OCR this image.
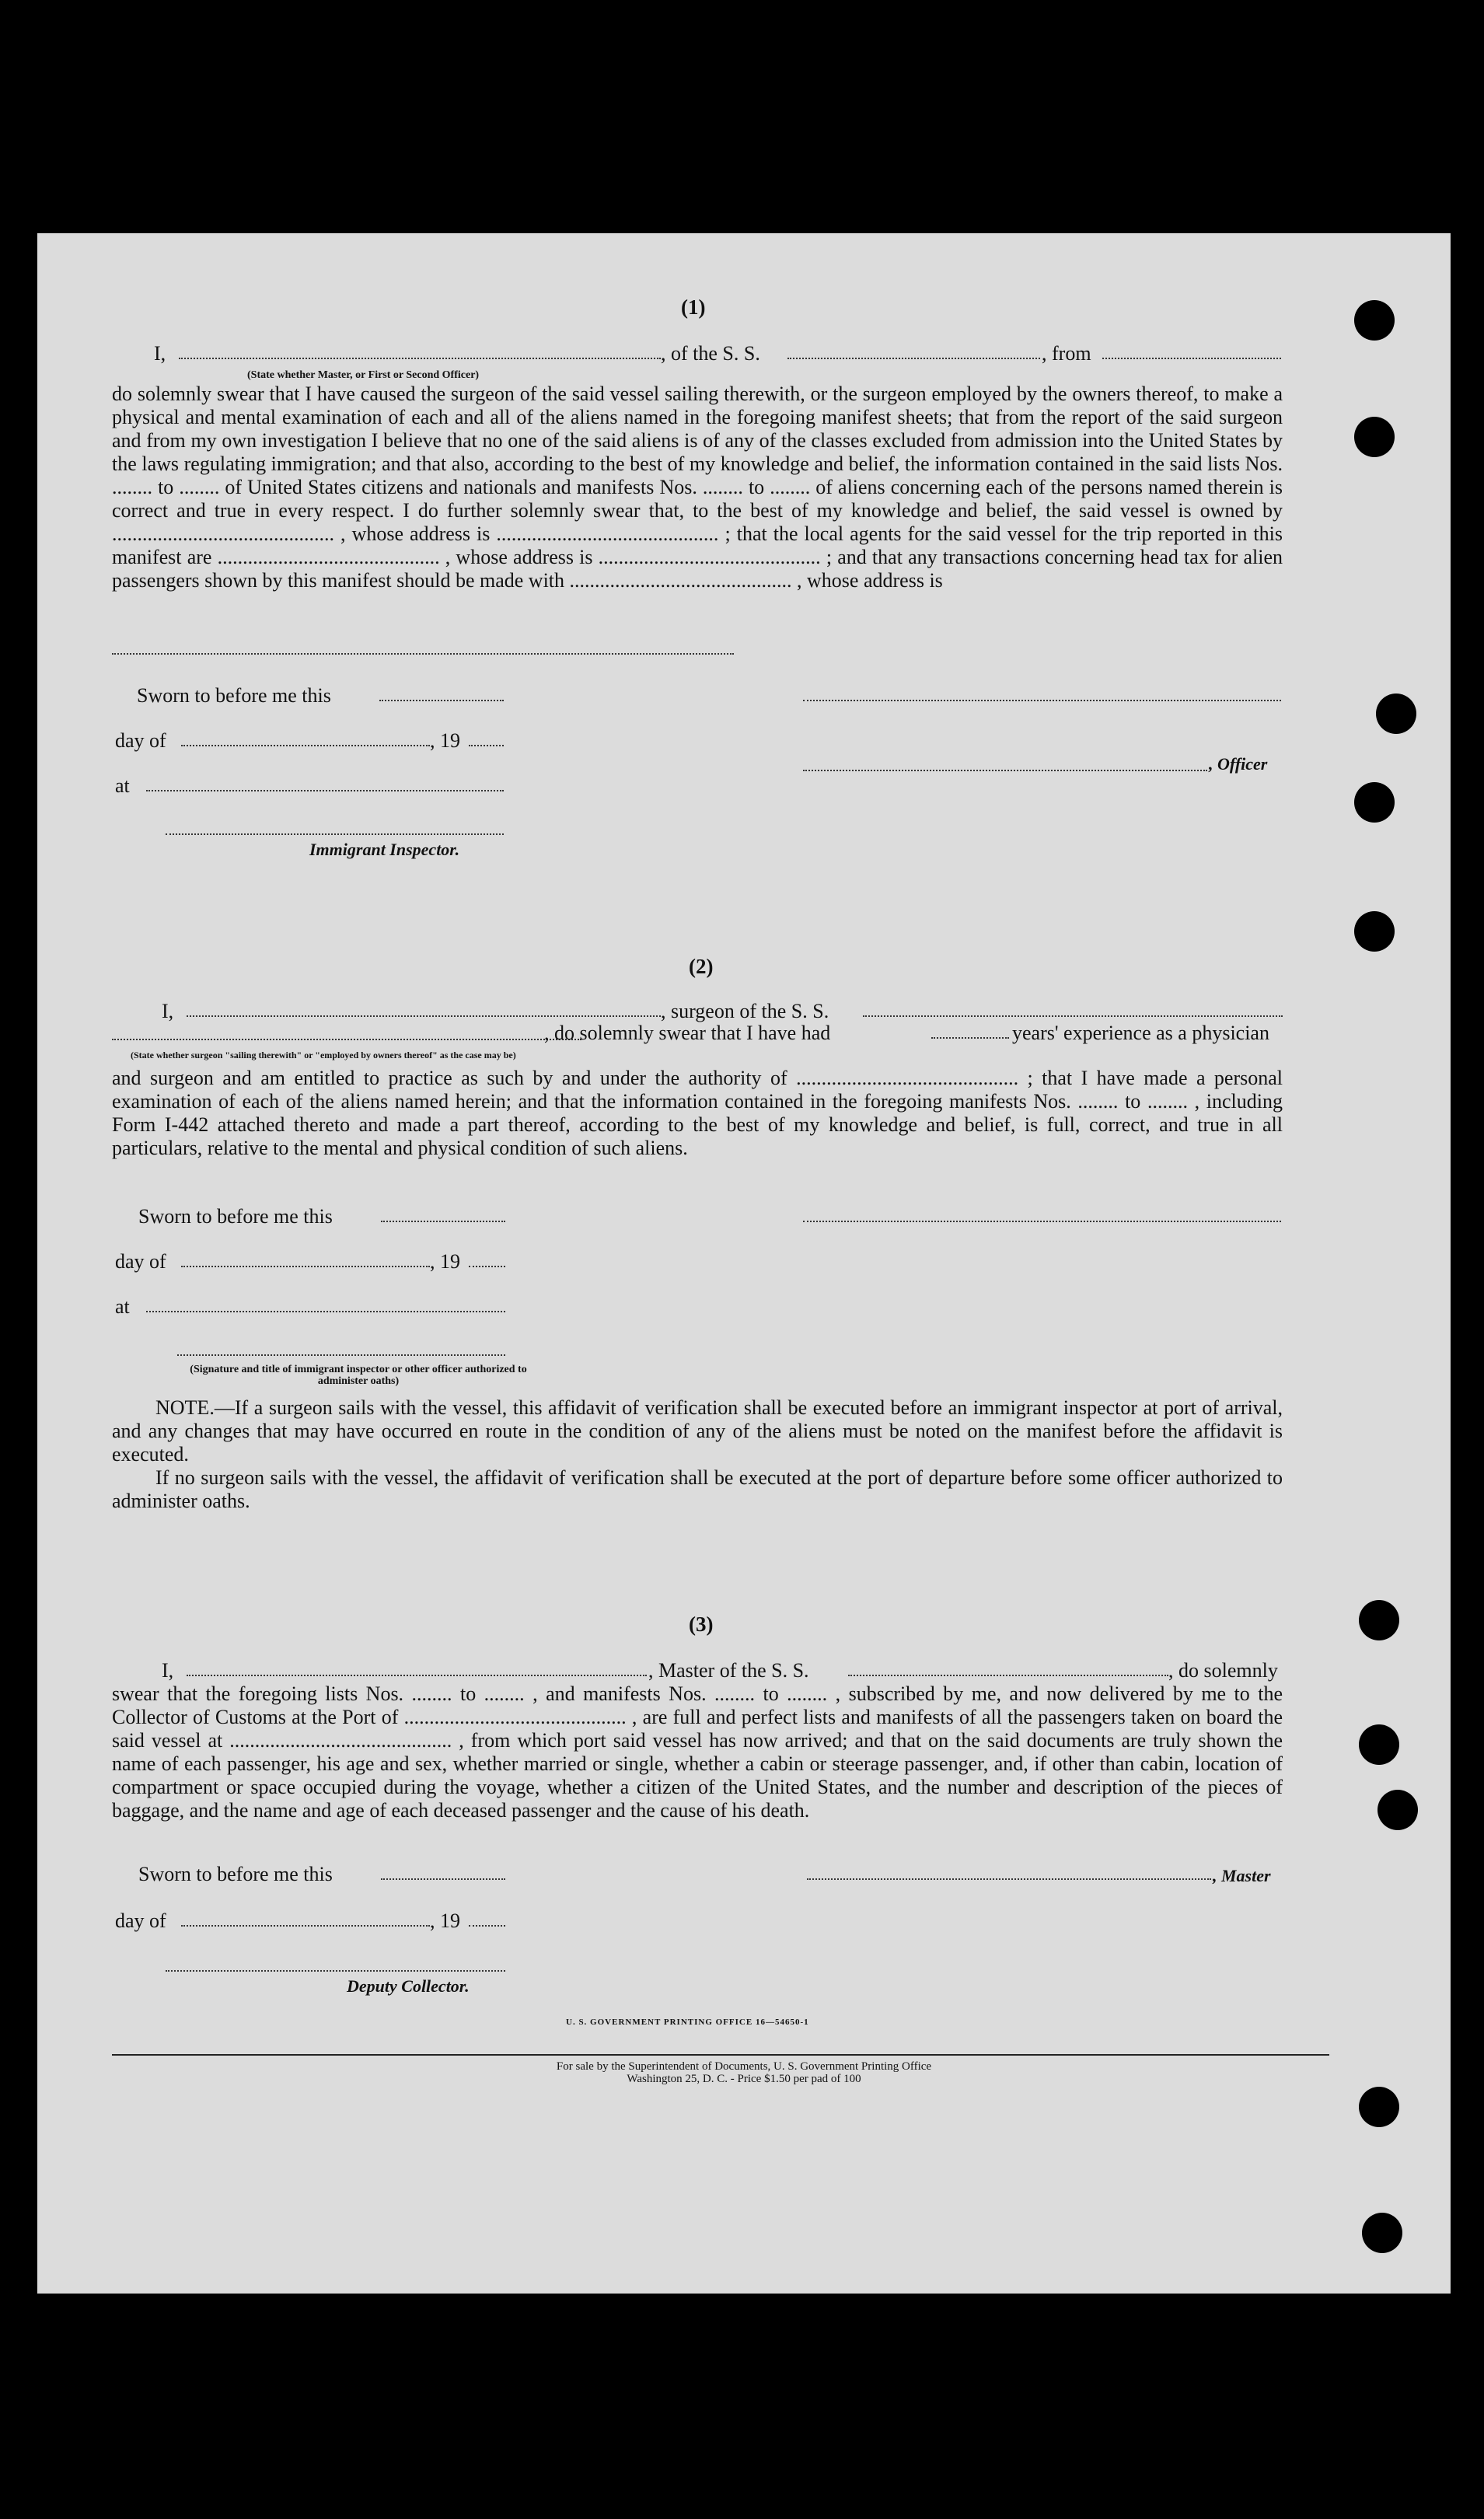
(1)
I,	, of the S. S.	, from
(State whether Master, or First or Second Officer)
do solemnly swear that I have caused the surgeon of the said vessel sailing therewith, or the surgeon employed by the owners thereof, to make a physical and mental examination of each and all of the aliens named in the foregoing manifest sheets; that from the report of the said surgeon and from my own investigation I believe that no one of the said aliens is of any of the classes excluded from admission into the United States by the laws regulating immigration; and that also, according to the best of my knowledge and belief, the information contained in the said lists Nos. ........ to ........ of United States citizens and nationals and manifests Nos. ........ to ........ of aliens concerning each of the persons named therein is correct and true in every respect. I do further solemnly swear that, to the best of my knowledge and belief, the said vessel is owned by ............................................ , whose address is ............................................ ; that the local agents for the said vessel for the trip reported in this manifest are ............................................ , whose address is ............................................ ; and that any transactions concerning head tax for alien passengers shown by this manifest should be made with ............................................ , whose address is
Sworn to before me this
day of	, 19
, Officer
at
Immigrant Inspector.
(2)
I,	, surgeon of the S. S.
, do solemnly swear that I have had	years' experience as a physician
(State whether surgeon "sailing therewith" or "employed by owners thereof" as the case may be)
and surgeon and am entitled to practice as such by and under the authority of ............................................ ; that I have made a personal examination of each of the aliens named herein; and that the information contained in the foregoing manifests Nos. ........ to ........ , including Form I-442 attached thereto and made a part thereof, according to the best of my knowledge and belief, is full, correct, and true in all particulars, relative to the mental and physical condition of such aliens.
Sworn to before me this
day of	, 19
at
(Signature and title of immigrant inspector or other officer authorized to administer oaths)
NOTE.—If a surgeon sails with the vessel, this affidavit of verification shall be executed before an immigrant inspector at port of arrival, and any changes that may have occurred en route in the condition of any of the aliens must be noted on the manifest before the affidavit is executed.
If no surgeon sails with the vessel, the affidavit of verification shall be executed at the port of departure before some officer authorized to administer oaths.
(3)
I,	, Master of the S. S.	, do solemnly
swear that the foregoing lists Nos. ........ to ........ , and manifests Nos. ........ to ........ , subscribed by me, and now delivered by me to the Collector of Customs at the Port of ............................................ , are full and perfect lists and manifests of all the passengers taken on board the said vessel at ............................................ , from which port said vessel has now arrived; and that on the said documents are truly shown the name of each passenger, his age and sex, whether married or single, whether a cabin or steerage passenger, and, if other than cabin, location of compartment or space occupied during the voyage, whether a citizen of the United States, and the number and description of the pieces of baggage, and the name and age of each deceased passenger and the cause of his death.
Sworn to before me this	, Master
day of	, 19
Deputy Collector.
U. S. GOVERNMENT PRINTING OFFICE 16—54650-1
For sale by the Superintendent of Documents, U. S. Government Printing Office
Washington 25, D. C. - Price $1.50 per pad of 100
